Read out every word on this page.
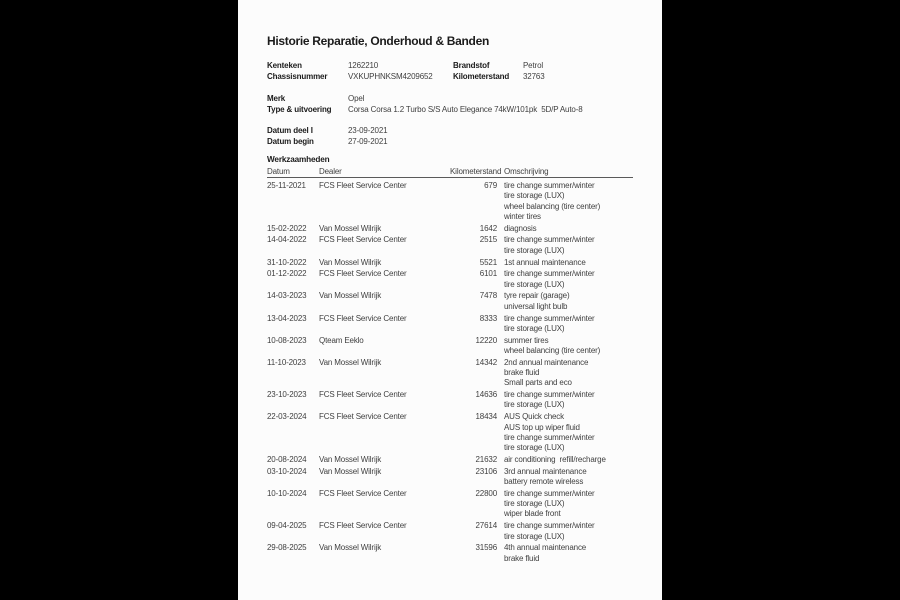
Historie Reparatie, Onderhoud & Banden
Kenteken	1262210	Brandstof	Petrol
Chassisnummer	VXKUPHNKSM4209652	Kilometerstand	32763
Merk	Opel
Type & uitvoering	Corsa Corsa 1.2 Turbo S/S Auto Elegance 74kW/101pk  5D/P Auto-8
Datum deel I	23-09-2021
Datum begin	27-09-2021
Werkzaamheden
Datum	Dealer	Kilometerstand Omschrijving
25-11-2021	FCS Fleet Service Center	679 tire change summer/winter
tire storage (LUX)
wheel balancing (tire center)
winter tires
15-02-2022	Van Mossel Wilrijk	1642 diagnosis
14-04-2022	FCS Fleet Service Center	2515 tire change summer/winter
tire storage (LUX)
31-10-2022	Van Mossel Wilrijk	5521 1st annual maintenance
01-12-2022	FCS Fleet Service Center	6101 tire change summer/winter
tire storage (LUX)
14-03-2023	Van Mossel Wilrijk	7478 tyre repair (garage)
universal light bulb
13-04-2023	FCS Fleet Service Center	8333 tire change summer/winter
tire storage (LUX)
10-08-2023	Qteam Eeklo	12220 summer tires
wheel balancing (tire center)
11-10-2023	Van Mossel Wilrijk	14342 2nd annual maintenance
brake fluid
Small parts and eco
23-10-2023	FCS Fleet Service Center	14636 tire change summer/winter
tire storage (LUX)
22-03-2024	FCS Fleet Service Center	18434 AUS Quick check
AUS top up wiper fluid
tire change summer/winter
tire storage (LUX)
20-08-2024	Van Mossel Wilrijk	21632 air conditioning  refill/recharge
03-10-2024	Van Mossel Wilrijk	23106 3rd annual maintenance
battery remote wireless
10-10-2024	FCS Fleet Service Center	22800 tire change summer/winter
tire storage (LUX)
wiper blade front
09-04-2025	FCS Fleet Service Center	27614 tire change summer/winter
tire storage (LUX)
29-08-2025	Van Mossel Wilrijk	31596 4th annual maintenance
brake fluid
